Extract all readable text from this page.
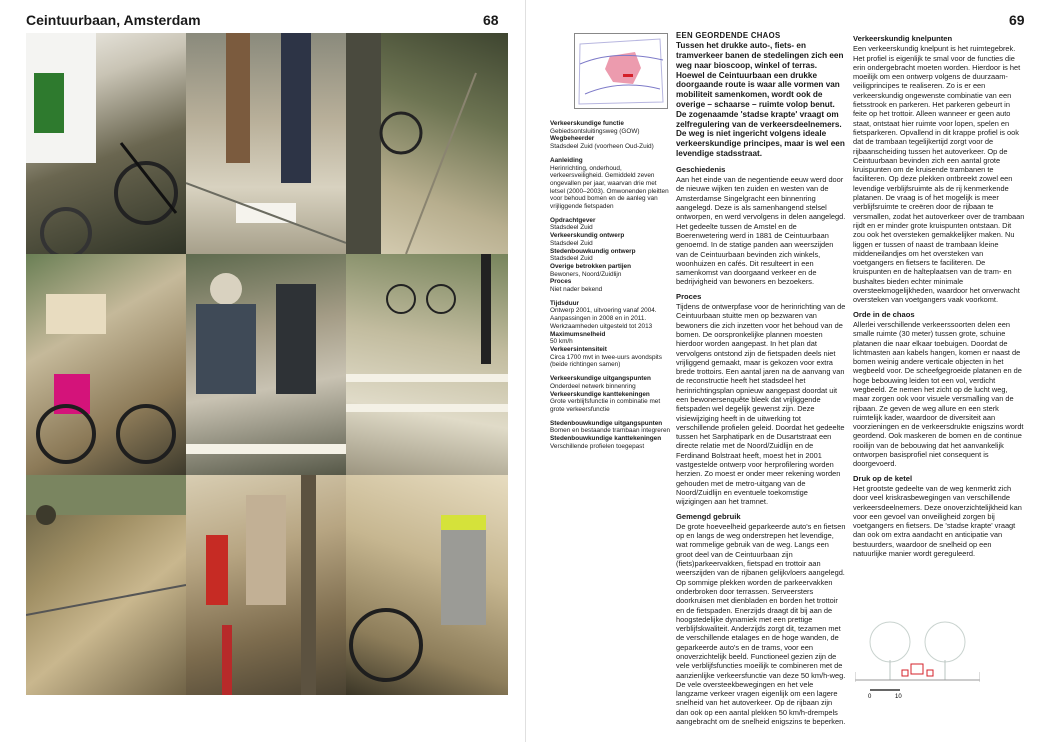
Ceintuurbaan, Amsterdam	68	69
Verkeerskundige functie
Gebiedsontsluitingsweg (GOW)
Wegbeheerder
Stadsdeel Zuid (voorheen Oud-Zuid)
Aanleiding
Herinrichting, onderhoud, verkeersveiligheid. Gemiddeld zeven ongevallen per jaar, waarvan drie met letsel (2000–2003). Omwonenden pleitten voor behoud bomen en de aanleg van vrijliggende fietspaden
Opdrachtgever
Stadsdeel Zuid
Verkeerskundig ontwerp
Stadsdeel Zuid
Stedenbouwkundig ontwerp
Stadsdeel Zuid
Overige betrokken partijen
Bewoners, Noord/Zuidlijn
Proces
Niet nader bekend
Tijdsduur
Ontwerp 2001, uitvoering vanaf 2004. Aanpassingen in 2008 en in 2011. Werkzaamheden uitgesteld tot 2013
Maximumsnelheid
50 km/h
Verkeersintensiteit
Circa 1700 mvt in twee-uurs avondspits (beide richtingen samen)
Verkeerskundige uitgangspunten
Onderdeel netwerk binnenring
Verkeerskundige kanttekeningen
Grote verblijfsfunctie in combinatie met grote verkeersfunctie
Stedenbouwkundige uitgangspunten
Bomen en bestaande trambaan integreren
Stedenbouwkundige kanttekeningen
Verschillende profielen toegepast
EEN GEORDENDE CHAOS

Tussen het drukke auto-, fiets- en tramverkeer banen de stedelingen zich een weg naar bioscoop, winkel of terras. Hoewel de Ceintuurbaan een drukke doorgaande route is waar alle vormen van mobiliteit samenkomen, wordt ook de overige – schaarse – ruimte volop benut. De zogenaamde 'stadse krapte' vraagt om zelfregulering van de verkeersdeelnemers. De weg is niet ingericht volgens ideale verkeerskundige principes, maar is wel een levendige stadsstraat.

Geschiedenis

Aan het einde van de negentiende eeuw werd door de nieuwe wijken ten zuiden en westen van de Amsterdamse Singelgracht een binnenring aangelegd. Deze is als samenhangend stelsel ontworpen, en werd vervolgens in delen aangelegd. Het gedeelte tussen de Amstel en de Boerenwetering werd in 1881 de Ceintuurbaan genoemd. In de statige panden aan weerszijden van de Ceintuurbaan bevinden zich winkels, woonhuizen en cafés. Dit resulteert in een samenkomst van doorgaand verkeer en de bedrijvigheid van bewoners en bezoekers.

Proces

Tijdens de ontwerpfase voor de herinrichting van de Ceintuurbaan stuitte men op bezwaren van bewoners die zich inzetten voor het behoud van de bomen. De oorspronkelijke plannen moesten hierdoor worden aangepast. In het plan dat vervolgens ontstond zijn de fietspaden deels niet vrijliggend gemaakt, maar is gekozen voor extra brede trottoirs. Een aantal jaren na de aanvang van de reconstructie heeft het stadsdeel het herinrichtingsplan opnieuw aangepast doordat uit een bewonersenquête bleek dat vrijliggende fietspaden wel degelijk gewenst zijn. Deze visiewijziging heeft in de uitwerking tot verschillende profielen geleid. Doordat het gedeelte tussen het Sarphatipark en de Dusartstraat een directe relatie met de Noord/Zuidlijn en de Ferdinand Bolstraat heeft, moest het in 2001 vastgestelde ontwerp voor herprofilering worden herzien. Zo moest er onder meer rekening worden gehouden met de metro-uitgang van de Noord/Zuidlijn en eventuele toekomstige wijzigingen aan het tramnet.

Gemengd gebruik

De grote hoeveelheid geparkeerde auto's en fietsen op en langs de weg onderstrepen het levendige, wat rommelige gebruik van de weg. Langs een groot deel van de Ceintuurbaan zijn (fiets)parkeervakken, fietspad en trottoir aan weerszijden van de rijbanen gelijkvloers aangelegd. Op sommige plekken worden de parkeervakken onderbroken door terrassen. Serveersters doorkruisen met dienbladen en borden het trottoir en de fietspaden. Enerzijds draagt dit bij aan de hoogstedelijke dynamiek met een prettige verblijfskwaliteit. Anderzijds zorgt dit, tezamen met de verschillende etalages en de hoge wanden, de geparkeerde auto's en de trams, voor een onoverzichtelijk beeld. Functioneel gezien zijn de vele verblijfsfuncties moeilijk te combineren met de aanzienlijke verkeersfunctie van deze 50 km/h-weg. De vele oversteekbewegingen en het vele langzame verkeer vragen eigenlijk om een lagere snelheid van het autoverkeer. Op de rijbaan zijn dan ook op een aantal plekken 50 km/h-drempels aangebracht om de snelheid enigszins te beperken.

Verkeerskundig knelpunten

Een verkeerskundig knelpunt is het ruimtegebrek. Het profiel is eigenlijk te smal voor de functies die erin ondergebracht moeten worden. Hierdoor is het moeilijk om een ontwerp volgens de duurzaam-veiligprincipes te realiseren. Zo is er een verkeerskundig ongewenste combinatie van een fietsstrook en parkeren. Het parkeren gebeurt in feite op het trottoir. Alleen wanneer er geen auto staat, ontstaat hier ruimte voor lopen, spelen en fietsparkeren. Opvallend in dit krappe profiel is ook dat de trambaan tegelijkertijd zorgt voor de rijbaanscheiding tussen het autoverkeer. Op de Ceintuurbaan bevinden zich een aantal grote kruispunten om de kruisende trambanen te faciliteren. Op deze plekken ontbreekt zowel een levendige verblijfsruimte als de rij kenmerkende platanen. De vraag is of het mogelijk is meer verblijfsruimte te creëren door de rijbaan te versmallen, zodat het autoverkeer over de trambaan rijdt en er minder grote kruispunten ontstaan. Dit zou ook het oversteken gemakkelijker maken. Nu liggen er tussen of naast de trambaan kleine middeneilandjes om het oversteken van voetgangers en fietsers te faciliteren. De kruispunten en de halteplaatsen van de tram- en bushaltes bieden echter minimale oversteekmogelijkheden, waardoor het onverwacht oversteken van voetgangers vaak voorkomt.

Orde in de chaos

Allerlei verschillende verkeerssoorten delen een smalle ruimte (30 meter) tussen grote, schuine platanen die naar elkaar toebuigen. Doordat de lichtmasten aan kabels hangen, komen er naast de bomen weinig andere verticale objecten in het wegbeeld voor. De scheefgegroeide platanen en de hoge bebouwing leiden tot een vol, verdicht wegbeeld. Ze nemen het zicht op de lucht weg, maar zorgen ook voor visuele versmalling van de rijbaan. Ze geven de weg allure en een sterk ruimtelijk kader, waardoor de diversiteit aan voorzieningen en de verkeersdrukte enigszins wordt geordend. Ook maskeren de bomen en de continue rooilijn van de bebouwing dat het aanvankelijk ontworpen basisprofiel niet consequent is doorgevoerd.

Druk op de ketel

Het grootste gedeelte van de weg kenmerkt zich door veel kriskrasbewegingen van verschillende verkeersdeelnemers. Deze onoverzichtelijkheid kan voor een gevoel van onveiligheid zorgen bij voetgangers en fietsers. De 'stadse krapte' vraagt dan ook om extra aandacht en anticipatie van bestuurders, waardoor de snelheid op een natuurlijke manier wordt gereguleerd.

0	10
